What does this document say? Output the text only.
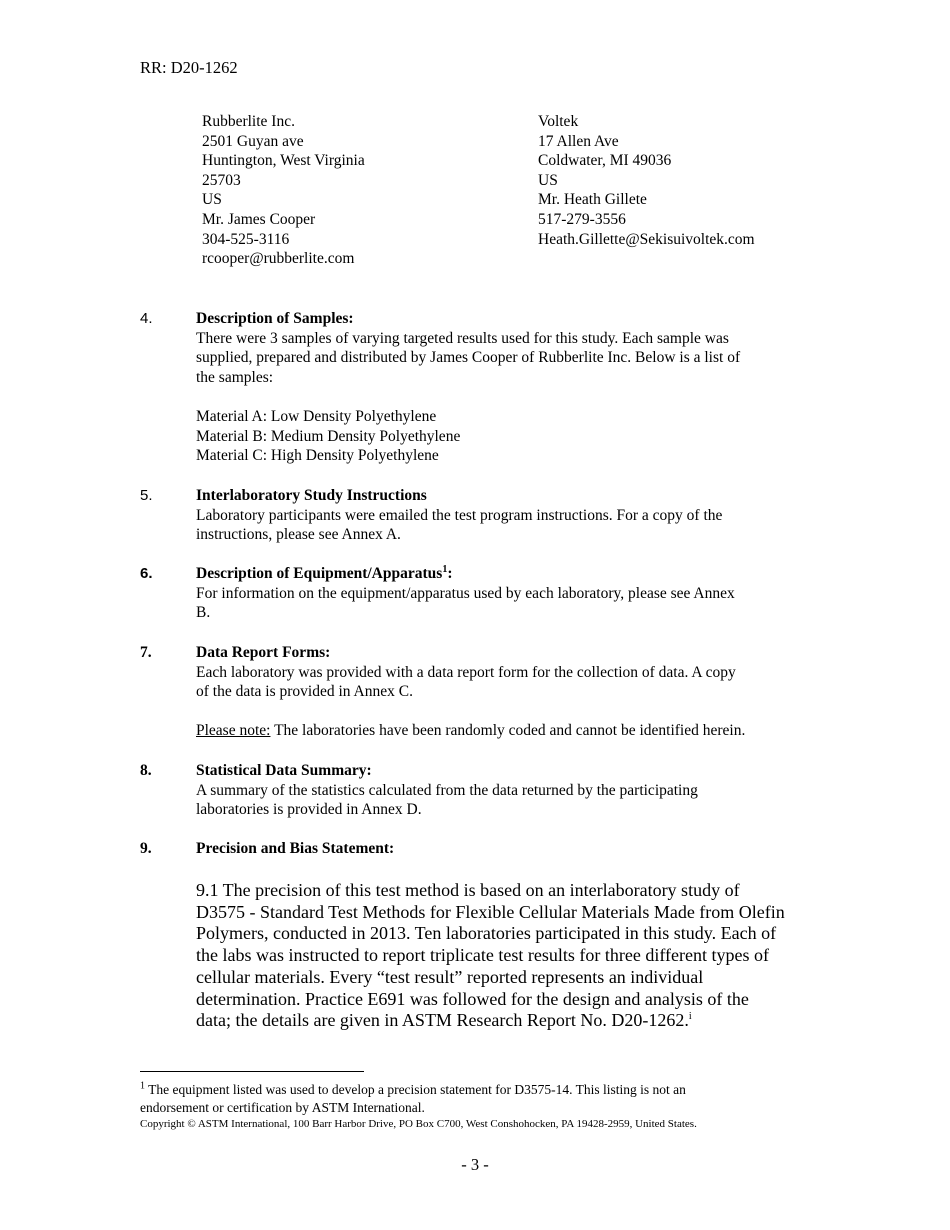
RR: D20-1262
Rubberlite Inc.
2501 Guyan ave
Huntington, West Virginia
25703
US
Mr. James Cooper
304-525-3116
rcooper@rubberlite.com
Voltek
17 Allen Ave
Coldwater, MI 49036
US
Mr. Heath Gillete
517-279-3556
Heath.Gillette@Sekisuivoltek.com
4.	Description of Samples:
There were 3 samples of varying targeted results used for this study. Each sample was
supplied, prepared and distributed by James Cooper of Rubberlite Inc. Below is a list of
the samples:
Material A: Low Density Polyethylene
Material B: Medium Density Polyethylene
Material C: High Density Polyethylene
5.	Interlaboratory Study Instructions
Laboratory participants were emailed the test program instructions. For a copy of the
instructions, please see Annex A.
6.	Description of Equipment/Apparatus$^1$:
For information on the equipment/apparatus used by each laboratory, please see Annex
B.
7.	Data Report Forms:
Each laboratory was provided with a data report form for the collection of data. A copy
of the data is provided in Annex C.
Please note: The laboratories have been randomly coded and cannot be identified herein.
8.	Statistical Data Summary:
A summary of the statistics calculated from the data returned by the participating
laboratories is provided in Annex D.
9.	Precision and Bias Statement:
9.1 The precision of this test method is based on an interlaboratory study of
D3575 - Standard Test Methods for Flexible Cellular Materials Made from Olefin
Polymers, conducted in 2013. Ten laboratories participated in this study. Each of
the labs was instructed to report triplicate test results for three different types of
cellular materials. Every “test result” reported represents an individual
determination. Practice E691 was followed for the design and analysis of the
data; the details are given in ASTM Research Report No. D20-1262.$^i$
$^1$ The equipment listed was used to develop a precision statement for D3575-14. This listing is not an
endorsement or certification by ASTM International.
Copyright © ASTM International, 100 Barr Harbor Drive, PO Box C700, West Conshohocken, PA 19428-2959, United States.
- 3 -
